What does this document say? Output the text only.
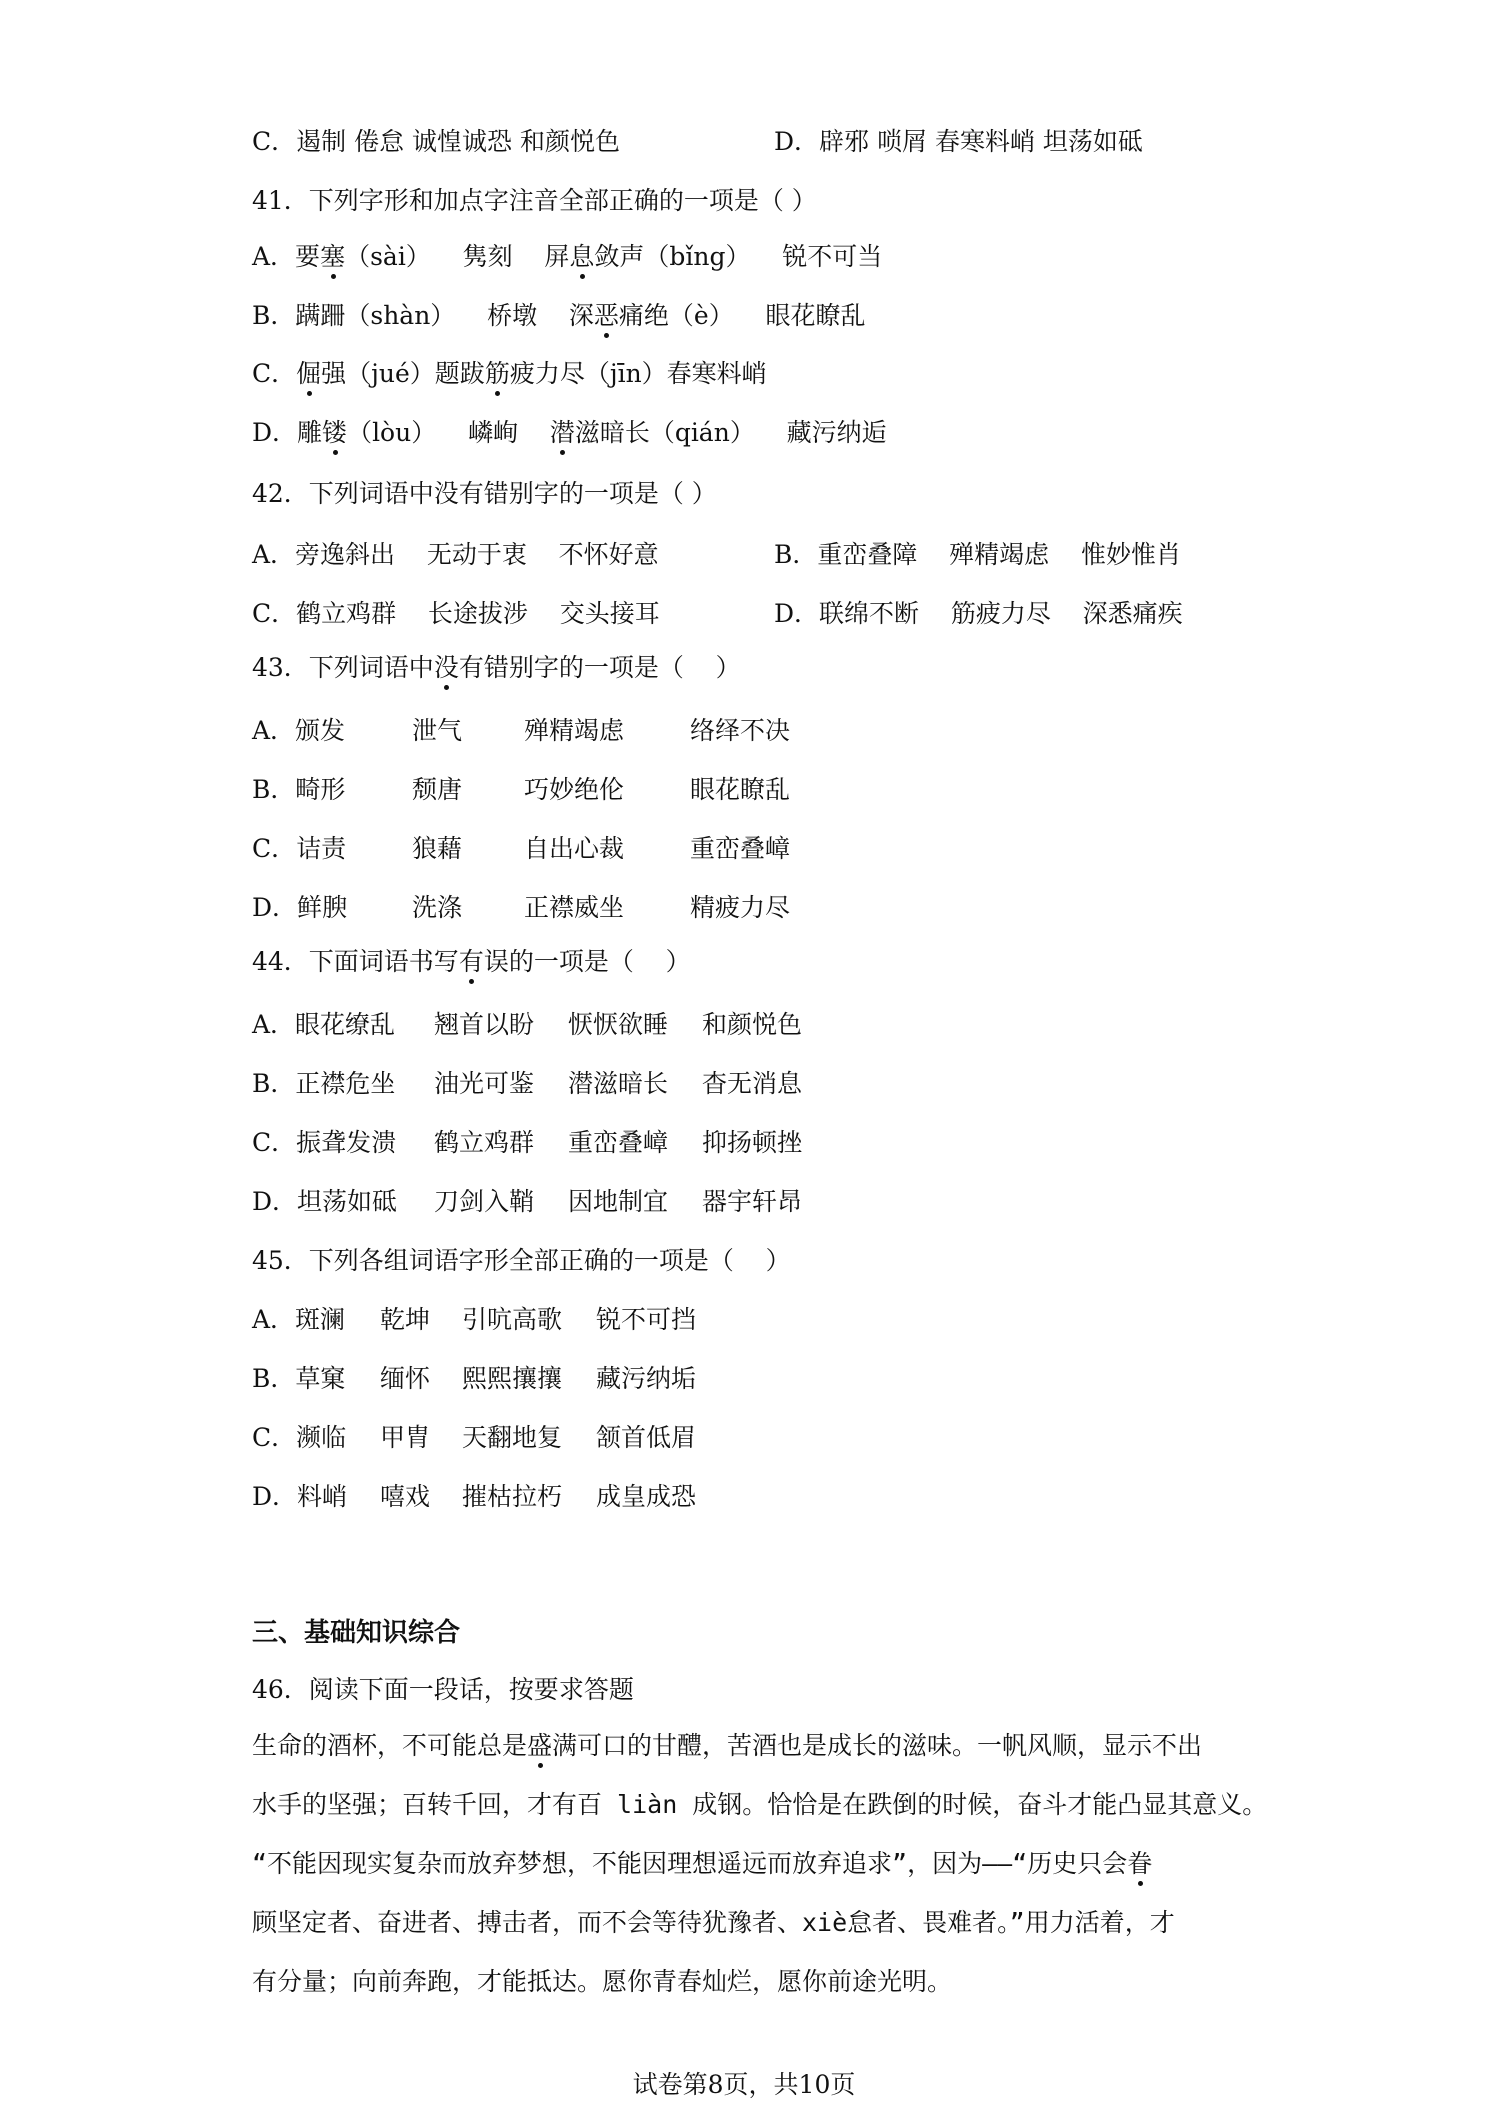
C．遏制 倦怠 诚惶诚恐 和颜悦色	D．辟邪 唢屑 春寒料峭 坦荡如砥
41．下列字形和加点字注音全部正确的一项是（ ）
A．要塞（sài）    隽刻    屏息敛声（bǐng）    锐不可当
B．蹒跚（shàn）    桥墩    深恶痛绝（è）    眼花瞭乱
C．倔强（jué）题跋筋疲力尽（jīn）春寒料峭
D．雕镂（lòu）    嶙峋    潜滋暗长（qián）    藏污纳逅
42．下列词语中没有错别字的一项是（ ）
A．旁逸斜出    无动于衷    不怀好意	B．重峦叠障    殚精竭虑    惟妙惟肖
C．鹤立鸡群    长途拔涉    交头接耳	D．联绵不断    筋疲力尽    深悉痛疾
43．下列词语中没有错别字的一项是（    ）
A．颁发	泄气 殚精竭虑	络绎不决
B．畸形	颓唐 巧妙绝伦	眼花瞭乱
C．诘责	狼藉 自出心裁	重峦叠嶂
D．鲜腴	洗涤 正襟威坐	精疲力尽
44．下面词语书写有误的一项是（    ）
A．眼花缭乱 翘首以盼 恹恹欲睡 和颜悦色
B．正襟危坐 油光可鉴 潜滋暗长 杳无消息
C．振聋发溃 鹤立鸡群 重峦叠嶂 抑扬顿挫
D．坦荡如砥 刀剑入鞘 因地制宜 器宇轩昂
45．下列各组词语字形全部正确的一项是（    ）
A．斑澜 乾坤 引吭高歌 锐不可挡
B．草窠 缅怀 熙熙攘攘 藏污纳垢
C．濒临 甲胄 天翻地复 颔首低眉
D．料峭 嘻戏 摧枯拉朽 成皇成恐
三、基础知识综合
46．阅读下面一段话，按要求答题
生命的酒杯，不可能总是盛满可口的甘醴，苦酒也是成长的滋味。一帆风顺，显示不出
水手的坚强；百转千回，才有百 liàn 成钢。恰恰是在跌倒的时候，奋斗才能凸显其意义。
“不能因现实复杂而放弃梦想，不能因理想遥远而放弃追求”，因为——“历史只会眷
顾坚定者、奋进者、搏击者，而不会等待犹豫者、xiè怠者、畏难者。”用力活着，才
有分量；向前奔跑，才能抵达。愿你青春灿烂，愿你前途光明。
试卷第8页，共10页
